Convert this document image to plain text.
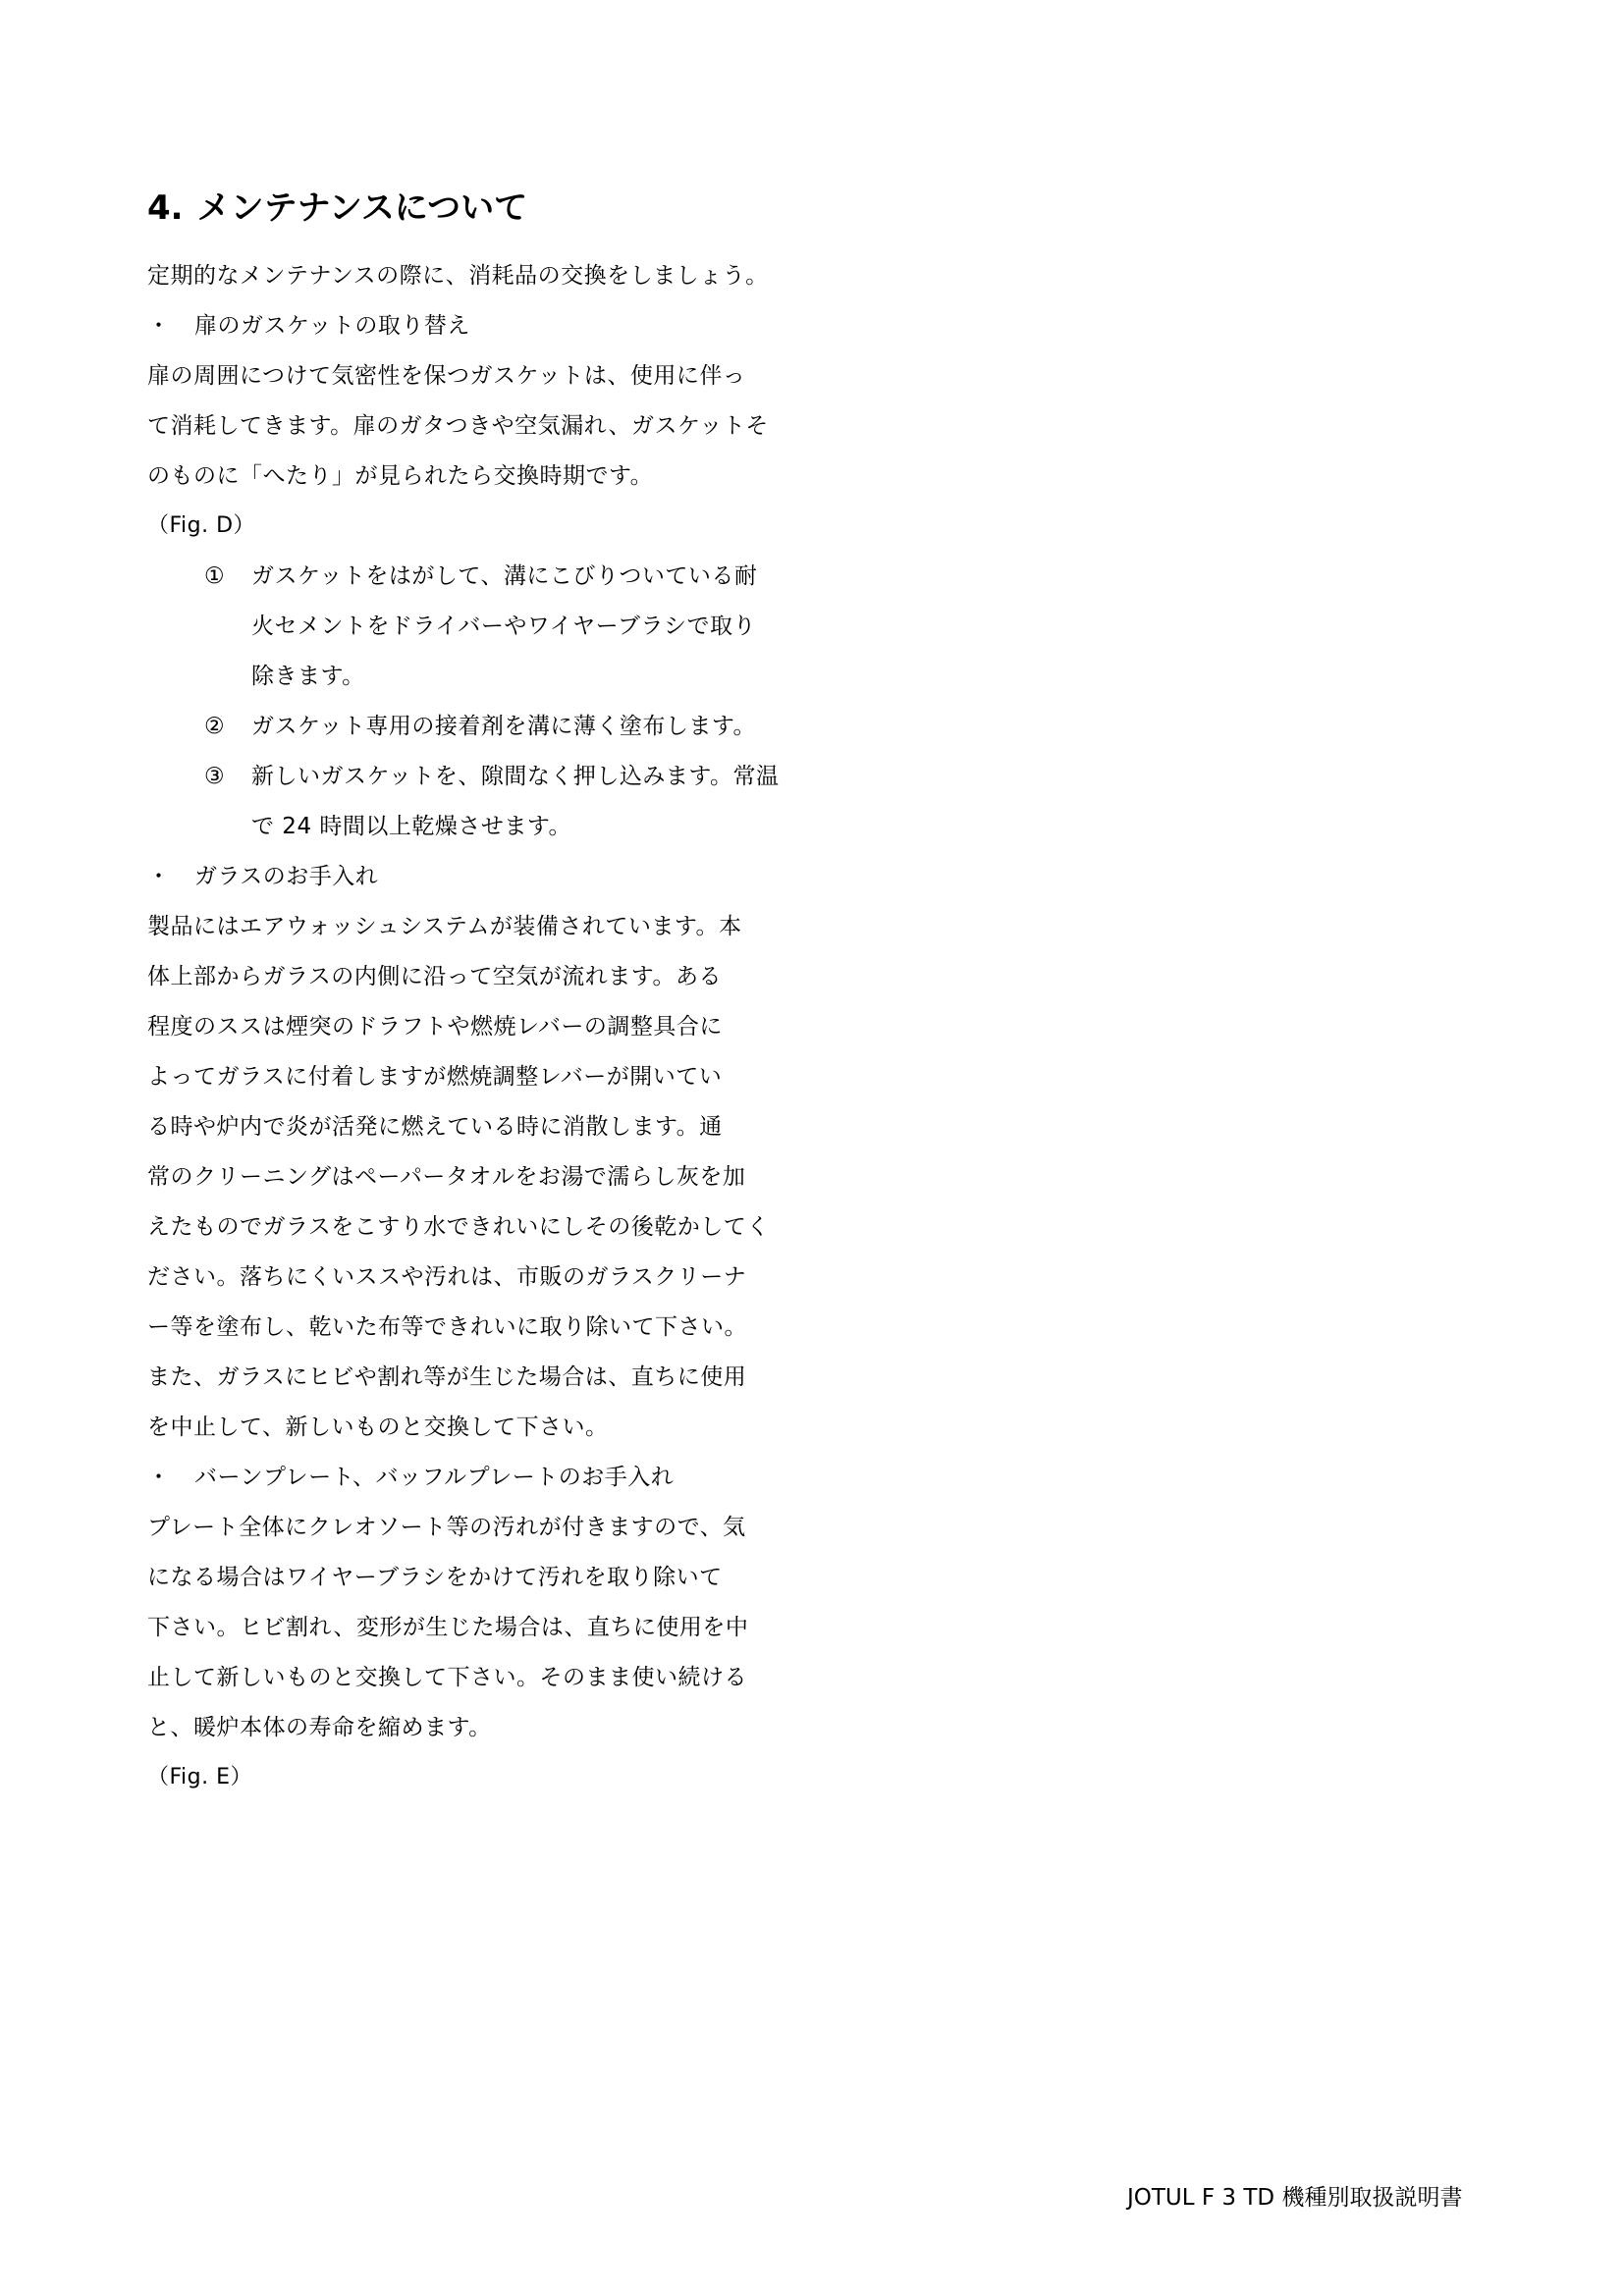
4. メンテナンスについて
定期的なメンテナンスの際に、消耗品の交換をしましょう。
・ 扉のガスケットの取り替え
扉の周囲につけて気密性を保つガスケットは、使用に伴っ
て消耗してきます。扉のガタつきや空気漏れ、ガスケットそ
のものに「へたり」が見られたら交換時期です。
（Fig. D）
① ガスケットをはがして、溝にこびりついている耐
火セメントをドライバーやワイヤーブラシで取り
除きます。
② ガスケット専用の接着剤を溝に薄く塗布します。
③ 新しいガスケットを、隙間なく押し込みます。常温
で 24 時間以上乾燥させます。
・ ガラスのお手入れ
製品にはエアウォッシュシステムが装備されています。本
体上部からガラスの内側に沿って空気が流れます。ある
程度のススは煙突のドラフトや燃焼レバーの調整具合に
よってガラスに付着しますが燃焼調整レバーが開いてい
る時や炉内で炎が活発に燃えている時に消散します。通
常のクリーニングはペーパータオルをお湯で濡らし灰を加
えたものでガラスをこすり水できれいにしその後乾かしてく
ださい。落ちにくいススや汚れは、市販のガラスクリーナ
ー等を塗布し、乾いた布等できれいに取り除いて下さい。
また、ガラスにヒビや割れ等が生じた場合は、直ちに使用
を中止して、新しいものと交換して下さい。
・ バーンプレート、バッフルプレートのお手入れ
プレート全体にクレオソート等の汚れが付きますので、気
になる場合はワイヤーブラシをかけて汚れを取り除いて
下さい。ヒビ割れ、変形が生じた場合は、直ちに使用を中
止して新しいものと交換して下さい。そのまま使い続ける
と、暖炉本体の寿命を縮めます。
（Fig. E）
JOTUL F 3 TD 機種別取扱説明書
